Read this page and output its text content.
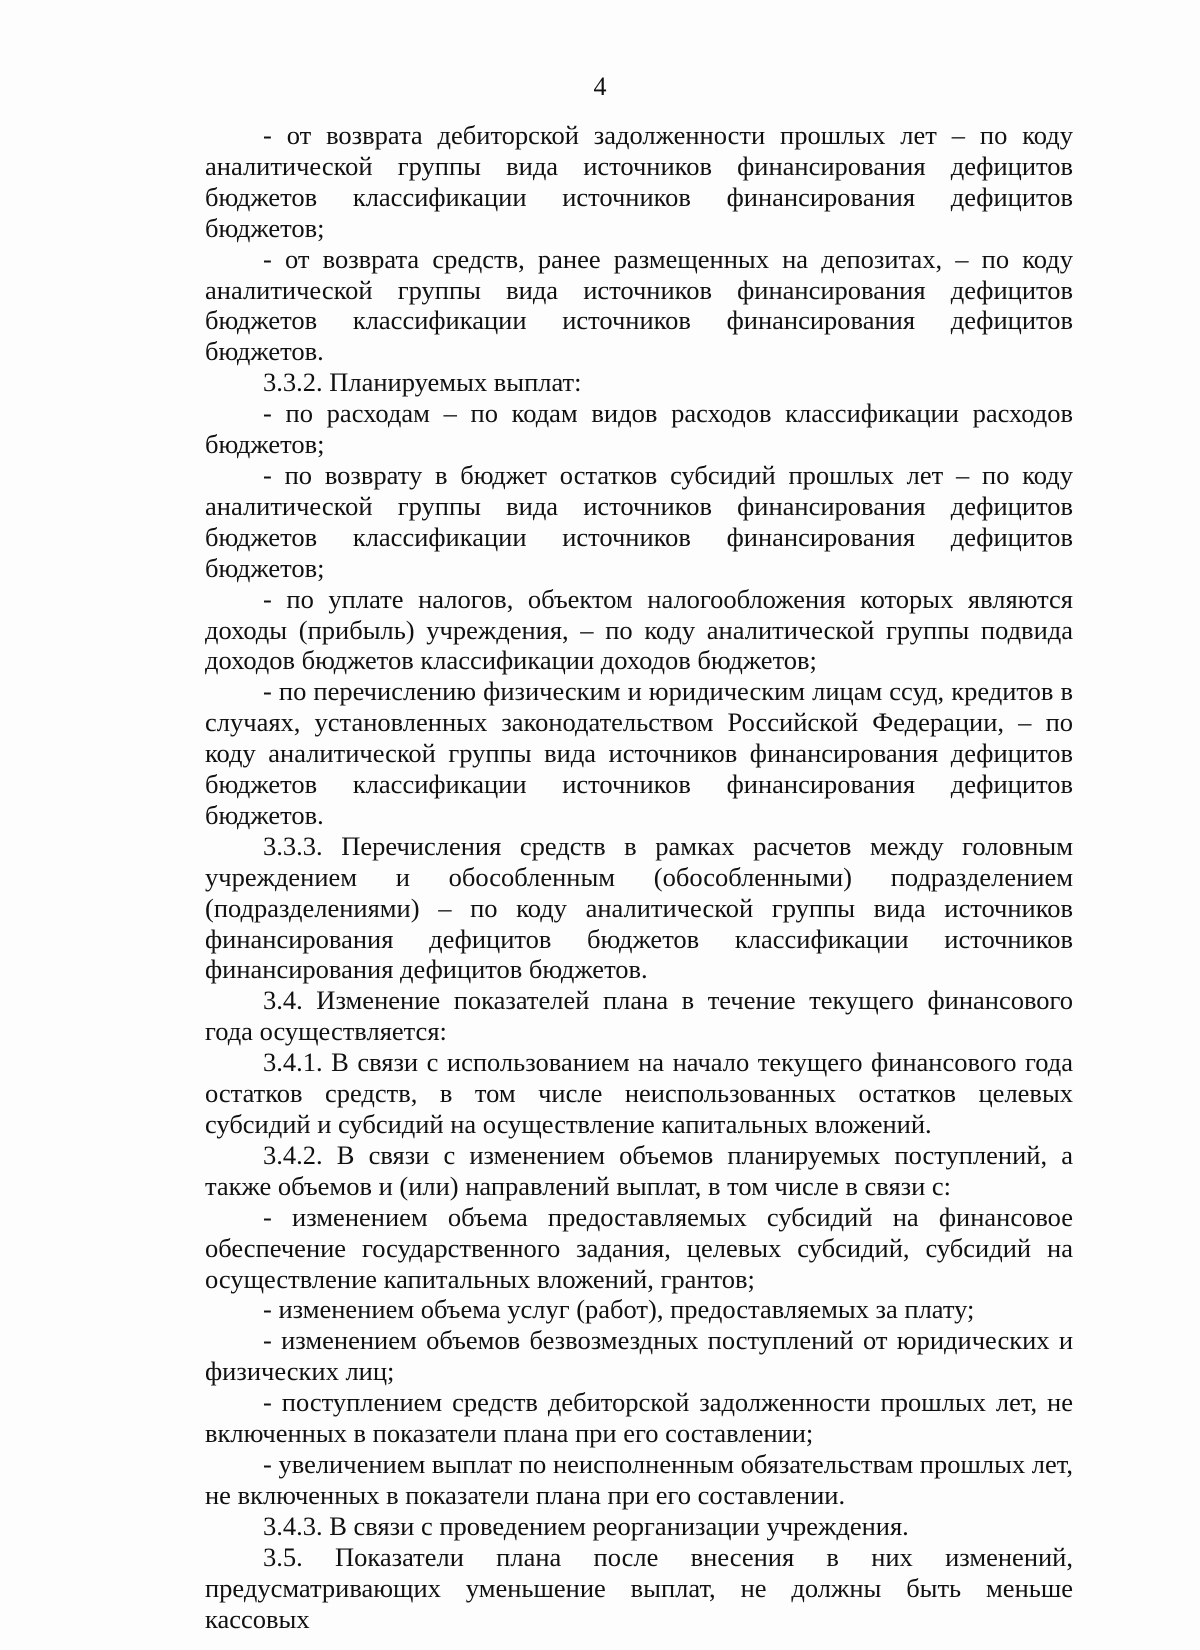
4

- от возврата дебиторской задолженности прошлых лет – по коду аналитической группы вида источников финансирования дефицитов бюджетов классификации источников финансирования дефицитов бюджетов;

- от возврата средств, ранее размещенных на депозитах, – по коду аналитической группы вида источников финансирования дефицитов бюджетов классификации источников финансирования дефицитов бюджетов.

3.3.2. Планируемых выплат:

- по расходам – по кодам видов расходов классификации расходов бюджетов;

- по возврату в бюджет остатков субсидий прошлых лет – по коду аналитической группы вида источников финансирования дефицитов бюджетов классификации источников финансирования дефицитов бюджетов;

- по уплате налогов, объектом налогообложения которых являются доходы (прибыль) учреждения, – по коду аналитической группы подвида доходов бюджетов классификации доходов бюджетов;

- по перечислению физическим и юридическим лицам ссуд, кредитов в случаях, установленных законодательством Российской Федерации, – по коду аналитической группы вида источников финансирования дефицитов бюджетов классификации источников финансирования дефицитов бюджетов.

3.3.3. Перечисления средств в рамках расчетов между головным учреждением и обособленным (обособленными) подразделением (подразделениями) – по коду аналитической группы вида источников финансирования дефицитов бюджетов классификации источников финансирования дефицитов бюджетов.

3.4. Изменение показателей плана в течение текущего финансового года осуществляется:

3.4.1. В связи с использованием на начало текущего финансового года остатков средств, в том числе неиспользованных остатков целевых субсидий и субсидий на осуществление капитальных вложений.

3.4.2. В связи с изменением объемов планируемых поступлений, а также объемов и (или) направлений выплат, в том числе в связи с:

- изменением объема предоставляемых субсидий на финансовое обеспечение государственного задания, целевых субсидий, субсидий на осуществление капитальных вложений, грантов;

- изменением объема услуг (работ), предоставляемых за плату;

- изменением объемов безвозмездных поступлений от юридических и физических лиц;

- поступлением средств дебиторской задолженности прошлых лет, не включенных в показатели плана при его составлении;

- увеличением выплат по неисполненным обязательствам прошлых лет, не включенных в показатели плана при его составлении.

3.4.3. В связи с проведением реорганизации учреждения.

3.5. Показатели плана после внесения в них изменений, предусматривающих уменьшение выплат, не должны быть меньше кассовых
